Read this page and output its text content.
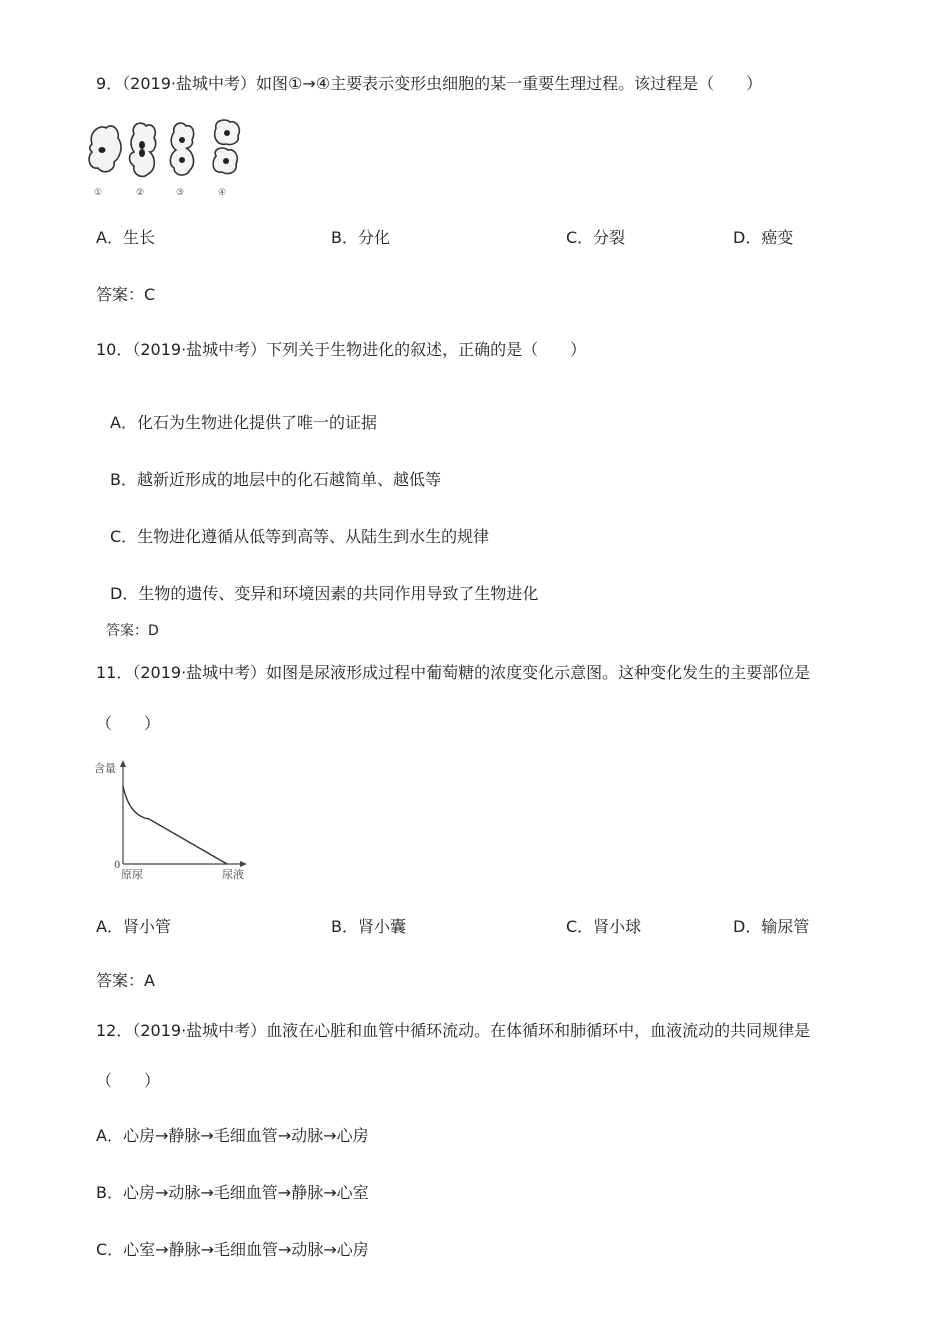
9．（2019·盐城中考）如图①→④主要表示变形虫细胞的某一重要生理过程。该过程是（　　）
①	②	③	④
A．生长	B．分化	C．分裂	D．癌变
答案：C
10．（2019·盐城中考）下列关于生物进化的叙述，正确的是（　　）
A．化石为生物进化提供了唯一的证据
B．越新近形成的地层中的化石越简单、越低等
C．生物进化遵循从低等到高等、从陆生到水生的规律
D．生物的遗传、变异和环境因素的共同作用导致了生物进化
答案：D
11．（2019·盐城中考）如图是尿液形成过程中葡萄糖的浓度变化示意图。这种变化发生的主要部位是
（　　）
含量
0
原尿	尿液
A．肾小管	B．肾小囊	C．肾小球	D．输尿管
答案：A
12．（2019·盐城中考）血液在心脏和血管中循环流动。在体循环和肺循环中，血液流动的共同规律是
（　　）
A．心房→静脉→毛细血管→动脉→心房
B．心房→动脉→毛细血管→静脉→心室
C．心室→静脉→毛细血管→动脉→心房
